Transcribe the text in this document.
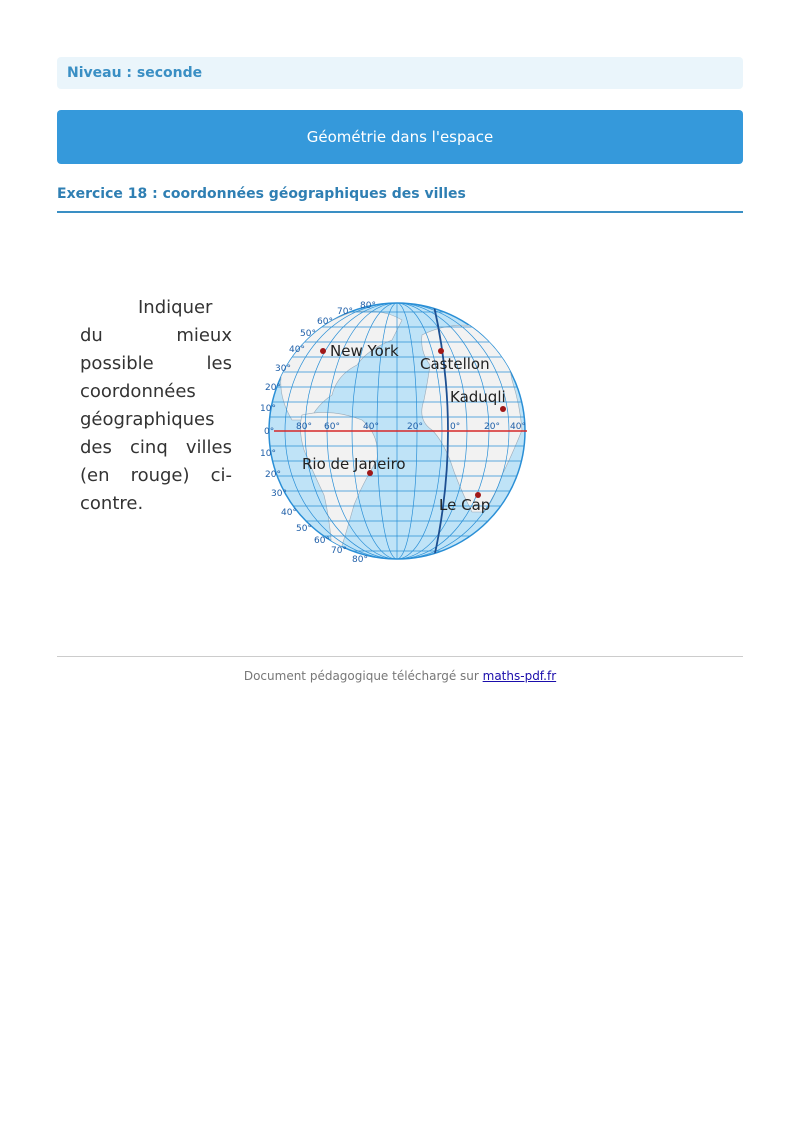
Niveau : seconde
Géométrie dans l'espace
Exercice 18 : coordonnées géographiques des villes
Indiquer du mieux possible les coordonnées géographiques des cinq villes (en rouge) ci-contre.
80°
70°
60°
50°
40°
30°
20°
10°
0°
10°
20°
30°
40°
50°
60°
70°
80°
80° 60°	40°	20°	0°	20° 40°
New York
Castellon
Kaduqli
Rio de Janeiro
Le Cap
Document pédagogique téléchargé sur maths-pdf.fr
